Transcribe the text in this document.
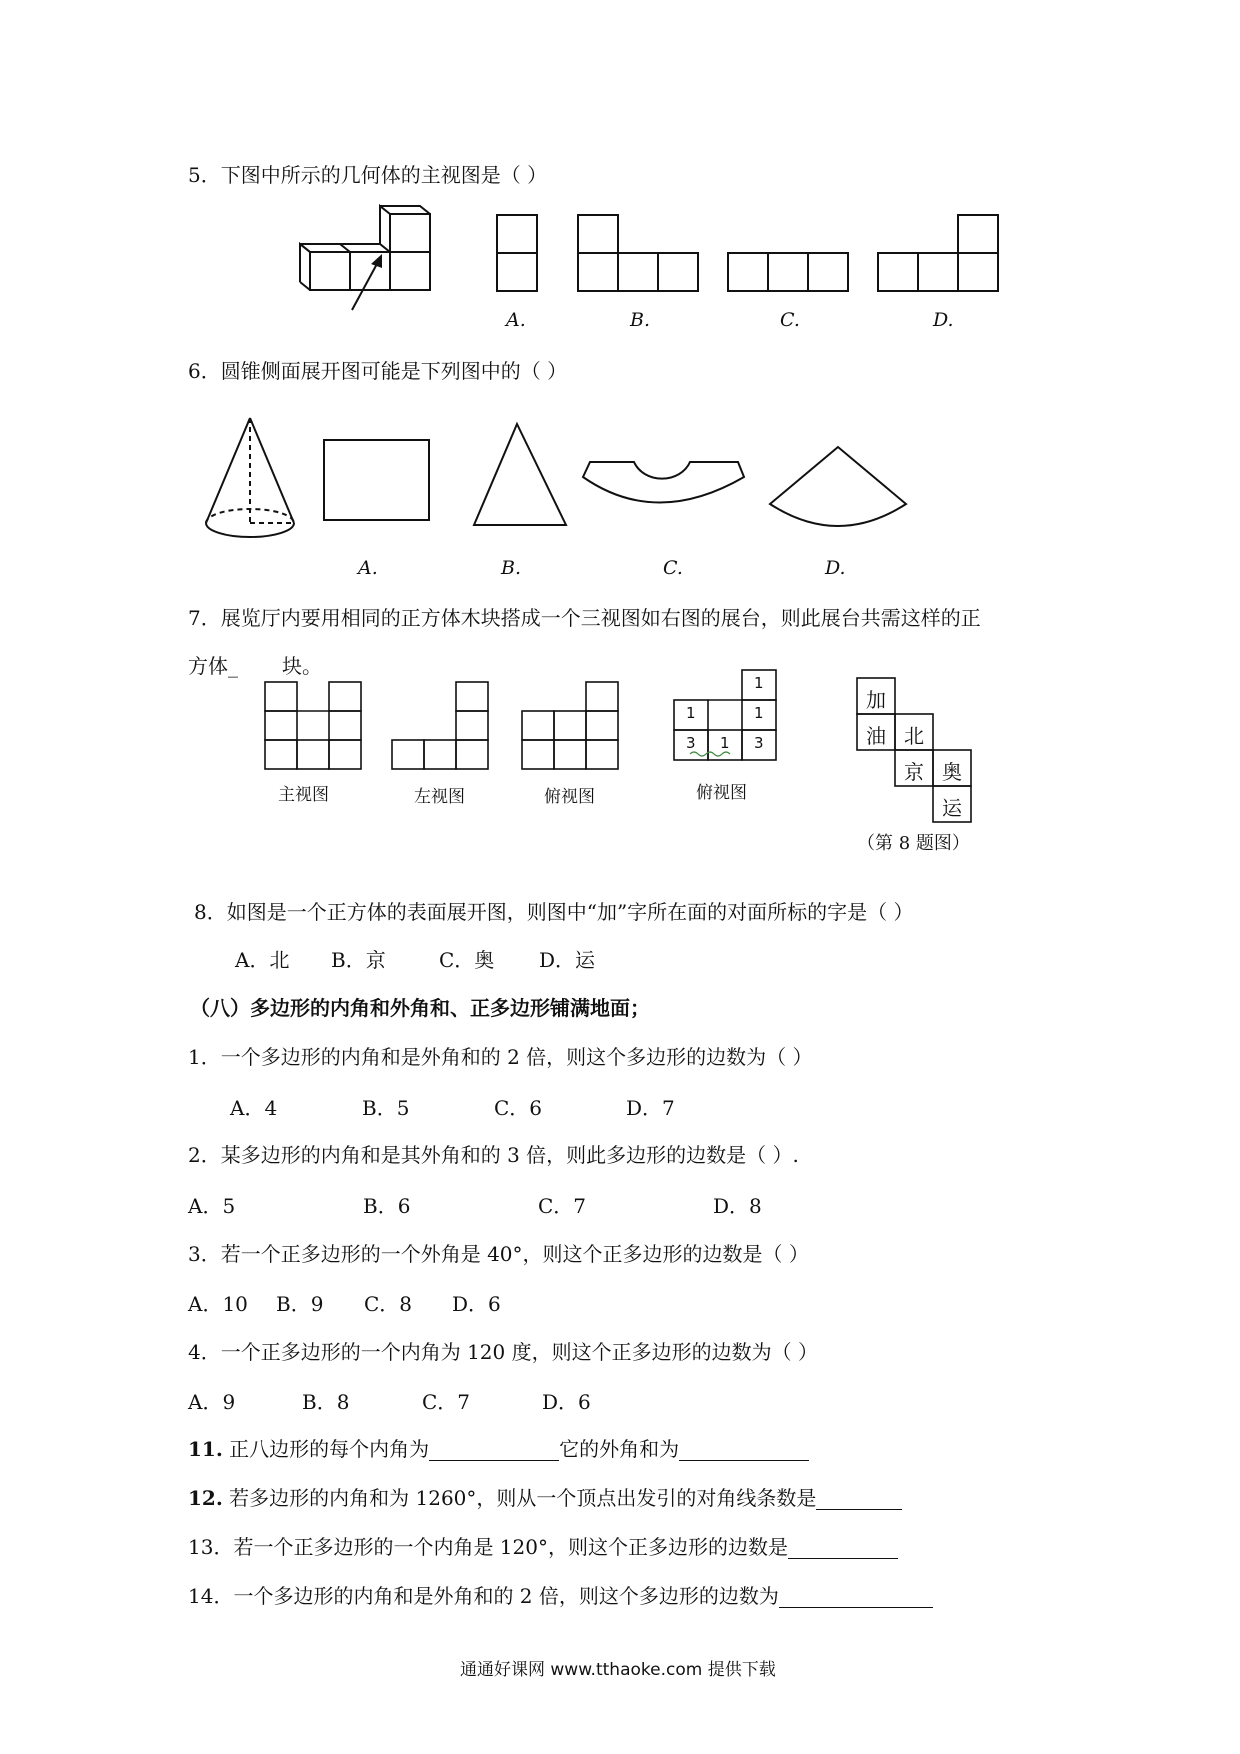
5．下图中所示的几何体的主视图是（ ）
A.	B.	C.	D.
6．圆锥侧面展开图可能是下列图中的（ ）
A.	B.	C.	D.
7．展览厅内要用相同的正方体木块搭成一个三视图如右图的展台，则此展台共需这样的正
方体_ 块。
主视图	左视图	俯视图	俯视图
1
1	1
3 1 3
加
油 北
京 奥
运
（第 8 题图）
8．如图是一个正方体的表面展开图，则图中“加”字所在面的对面所标的字是（ ）
A．北 B．京	C．奥 D．运
（八）多边形的内角和外角和、正多边形铺满地面；
1．一个多边形的内角和是外角和的 2 倍，则这个多边形的边数为（ ）
A．4	B．5	C．6	D．7
2．某多边形的内角和是其外角和的 3 倍，则此多边形的边数是（ ）.
A．5	B．6	C．7	D．8
3．若一个正多边形的一个外角是 40°，则这个正多边形的边数是（ ）
A．10 B．9 C．8 D．6
4．一个正多边形的一个内角为 120 度，则这个正多边形的边数为（ ）
A．9	B．8	C．7	D．6
11. 正八边形的每个内角为	它的外角和为
12. 若多边形的内角和为 1260°，则从一个顶点出发引的对角线条数是
13．若一个正多边形的一个内角是 120°，则这个正多边形的边数是
14．一个多边形的内角和是外角和的 2 倍，则这个多边形的边数为
通通好课网 www.tthaoke.com 提供下载
